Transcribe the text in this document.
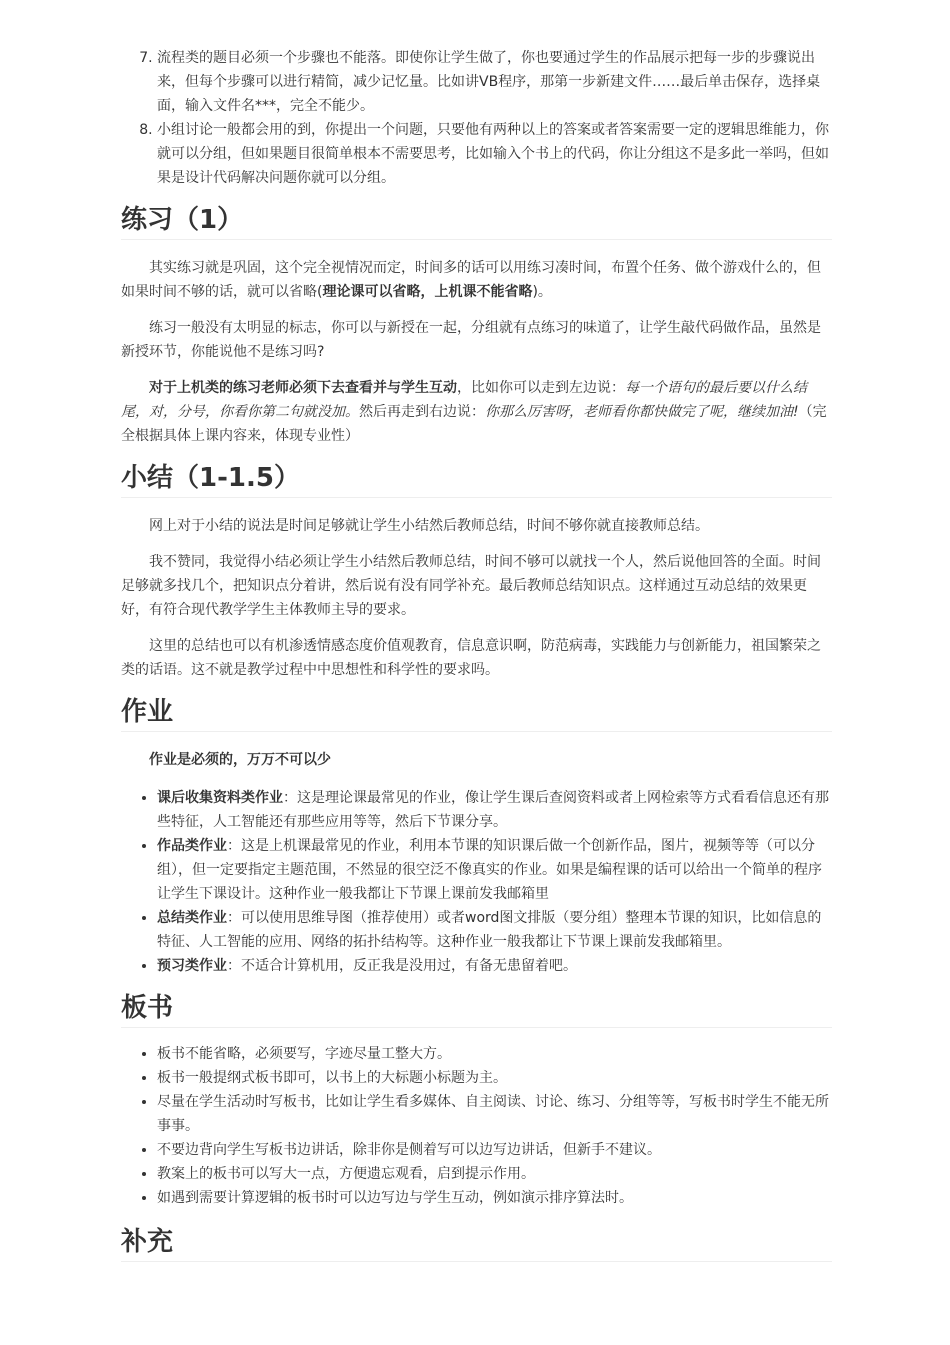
7. 流程类的题目必须一个步骤也不能落。即使你让学生做了，你也要通过学生的作品展示把每一步的步骤说出来，但每个步骤可以进行精简，减少记忆量。比如讲VB程序，那第一步新建文件……最后单击保存，选择桌面，输入文件名***，完全不能少。
8. 小组讨论一般都会用的到，你提出一个问题，只要他有两种以上的答案或者答案需要一定的逻辑思维能力，你就可以分组，但如果题目很简单根本不需要思考，比如输入个书上的代码，你让分组这不是多此一举吗，但如果是设计代码解决问题你就可以分组。
练习（1）

其实练习就是巩固，这个完全视情况而定，时间多的话可以用练习凑时间，布置个任务、做个游戏什么的，但如果时间不够的话，就可以省略(理论课可以省略，上机课不能省略)。

练习一般没有太明显的标志，你可以与新授在一起，分组就有点练习的味道了，让学生敲代码做作品，虽然是新授环节，你能说他不是练习吗?

对于上机类的练习老师必须下去查看并与学生互动，比如你可以走到左边说：每一个语句的最后要以什么结尾，对，分号，你看你第二句就没加。然后再走到右边说：你那么厉害呀，老师看你都快做完了呢，继续加油!（完全根据具体上课内容来，体现专业性）

小结（1-1.5）

网上对于小结的说法是时间足够就让学生小结然后教师总结，时间不够你就直接教师总结。

我不赞同，我觉得小结必须让学生小结然后教师总结，时间不够可以就找一个人，然后说他回答的全面。时间足够就多找几个，把知识点分着讲，然后说有没有同学补充。最后教师总结知识点。这样通过互动总结的效果更好，有符合现代教学学生主体教师主导的要求。

这里的总结也可以有机渗透情感态度价值观教育，信息意识啊，防范病毒，实践能力与创新能力，祖国繁荣之类的话语。这不就是教学过程中中思想性和科学性的要求吗。

作业

作业是必须的，万万不可以少

• 课后收集资料类作业：这是理论课最常见的作业，像让学生课后查阅资料或者上网检索等方式看看信息还有那些特征，人工智能还有那些应用等等，然后下节课分享。
• 作品类作业：这是上机课最常见的作业，利用本节课的知识课后做一个创新作品，图片，视频等等（可以分组），但一定要指定主题范围，不然显的很空泛不像真实的作业。如果是编程课的话可以给出一个简单的程序让学生下课设计。这种作业一般我都让下节课上课前发我邮箱里
• 总结类作业：可以使用思维导图（推荐使用）或者word图文排版（要分组）整理本节课的知识，比如信息的特征、人工智能的应用、网络的拓扑结构等。这种作业一般我都让下节课上课前发我邮箱里。
• 预习类作业：不适合计算机用，反正我是没用过，有备无患留着吧。
板书
• 板书不能省略，必须要写，字迹尽量工整大方。
• 板书一般提纲式板书即可，以书上的大标题小标题为主。
• 尽量在学生活动时写板书，比如让学生看多媒体、自主阅读、讨论、练习、分组等等，写板书时学生不能无所事事。
• 不要边背向学生写板书边讲话，除非你是侧着写可以边写边讲话，但新手不建议。
• 教案上的板书可以写大一点，方便遗忘观看，启到提示作用。
• 如遇到需要计算逻辑的板书时可以边写边与学生互动，例如演示排序算法时。
补充
